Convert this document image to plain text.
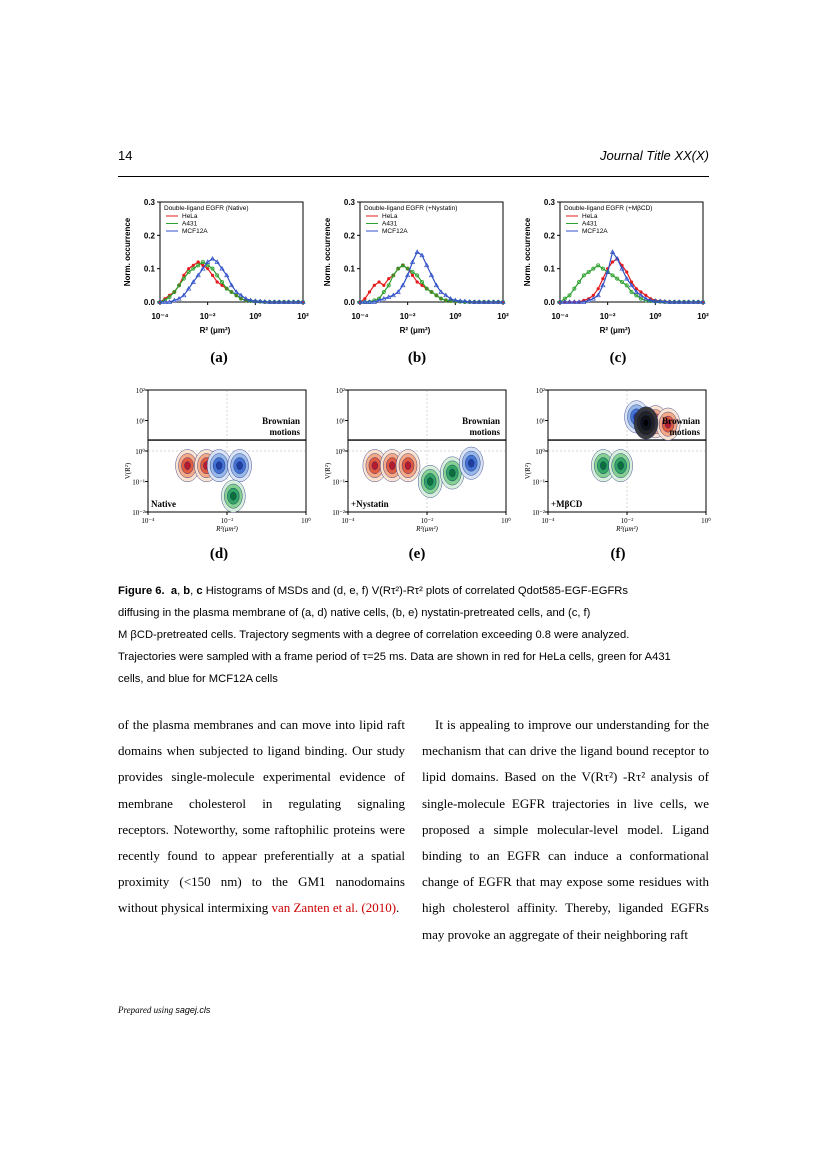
14	Journal Title XX(X)
0.0
0.1
0.2
0.3
10⁻⁴	10⁻²	10⁰	10²
R² (μm²)
Norm. occurrence
Double-ligand EGFR (Native)
HeLa
A431
MCF12A
0.0
0.1
0.2
0.3
10⁻⁴	10⁻²	10⁰	10²
R² (μm²)
Norm. occurrence
Double-ligand EGFR (+Nystatin)
HeLa
A431
MCF12A
0.0
0.1
0.2
0.3
10⁻⁴	10⁻²	10⁰	10²
R² (μm²)
Norm. occurrence
Double-ligand EGFR (+MβCD)
HeLa
A431
MCF12A
(a)	(b)	(c)
10²
10¹
10⁰
10⁻¹
10⁻²
10⁻⁴	10⁻²	10⁰
R²(μm²)
V(R²)
Brownian
motions
Native
10²
10¹
10⁰
10⁻¹
10⁻²
10⁻⁴	10⁻²	10⁰
R²(μm²)
V(R²)
Brownian
motions
+Nystatin
10²
10¹
10⁰
10⁻¹
10⁻²
10⁻⁴	10⁻²	10⁰
R²(μm²)
V(R²)
Brownian
motions
+MβCD
(d)	(e)	(f)
Figure 6. a, b, c Histograms of MSDs and (d, e, f) V(Rτ²)-Rτ² plots of correlated Qdot585-EGF-EGFRs
diffusing in the plasma membrane of (a, d) native cells, (b, e) nystatin-pretreated cells, and (c, f)
M βCD-pretreated cells. Trajectory segments with a degree of correlation exceeding 0.8 were analyzed.
Trajectories were sampled with a frame period of τ=25 ms. Data are shown in red for HeLa cells, green for A431
cells, and blue for MCF12A cells
of the plasma membranes and can move into lipid raft domains when subjected to ligand binding. Our study provides single-molecule experimental evidence of membrane cholesterol in regulating signaling receptors. Noteworthy, some raftophilic proteins were recently found to appear preferentially at a spatial proximity (<150 nm) to the GM1 nanodomains without physical intermixing van Zanten et al. (2010).
It is appealing to improve our understanding for the mechanism that can drive the ligand bound receptor to lipid domains. Based on the V(Rτ²) -Rτ² analysis of single-molecule EGFR trajectories in live cells, we proposed a simple molecular-level model. Ligand binding to an EGFR can induce a conformational change of EGFR that may expose some residues with high cholesterol affinity. Thereby, liganded EGFRs may provoke an aggregate of their neighboring raft
Prepared using sagej.cls
